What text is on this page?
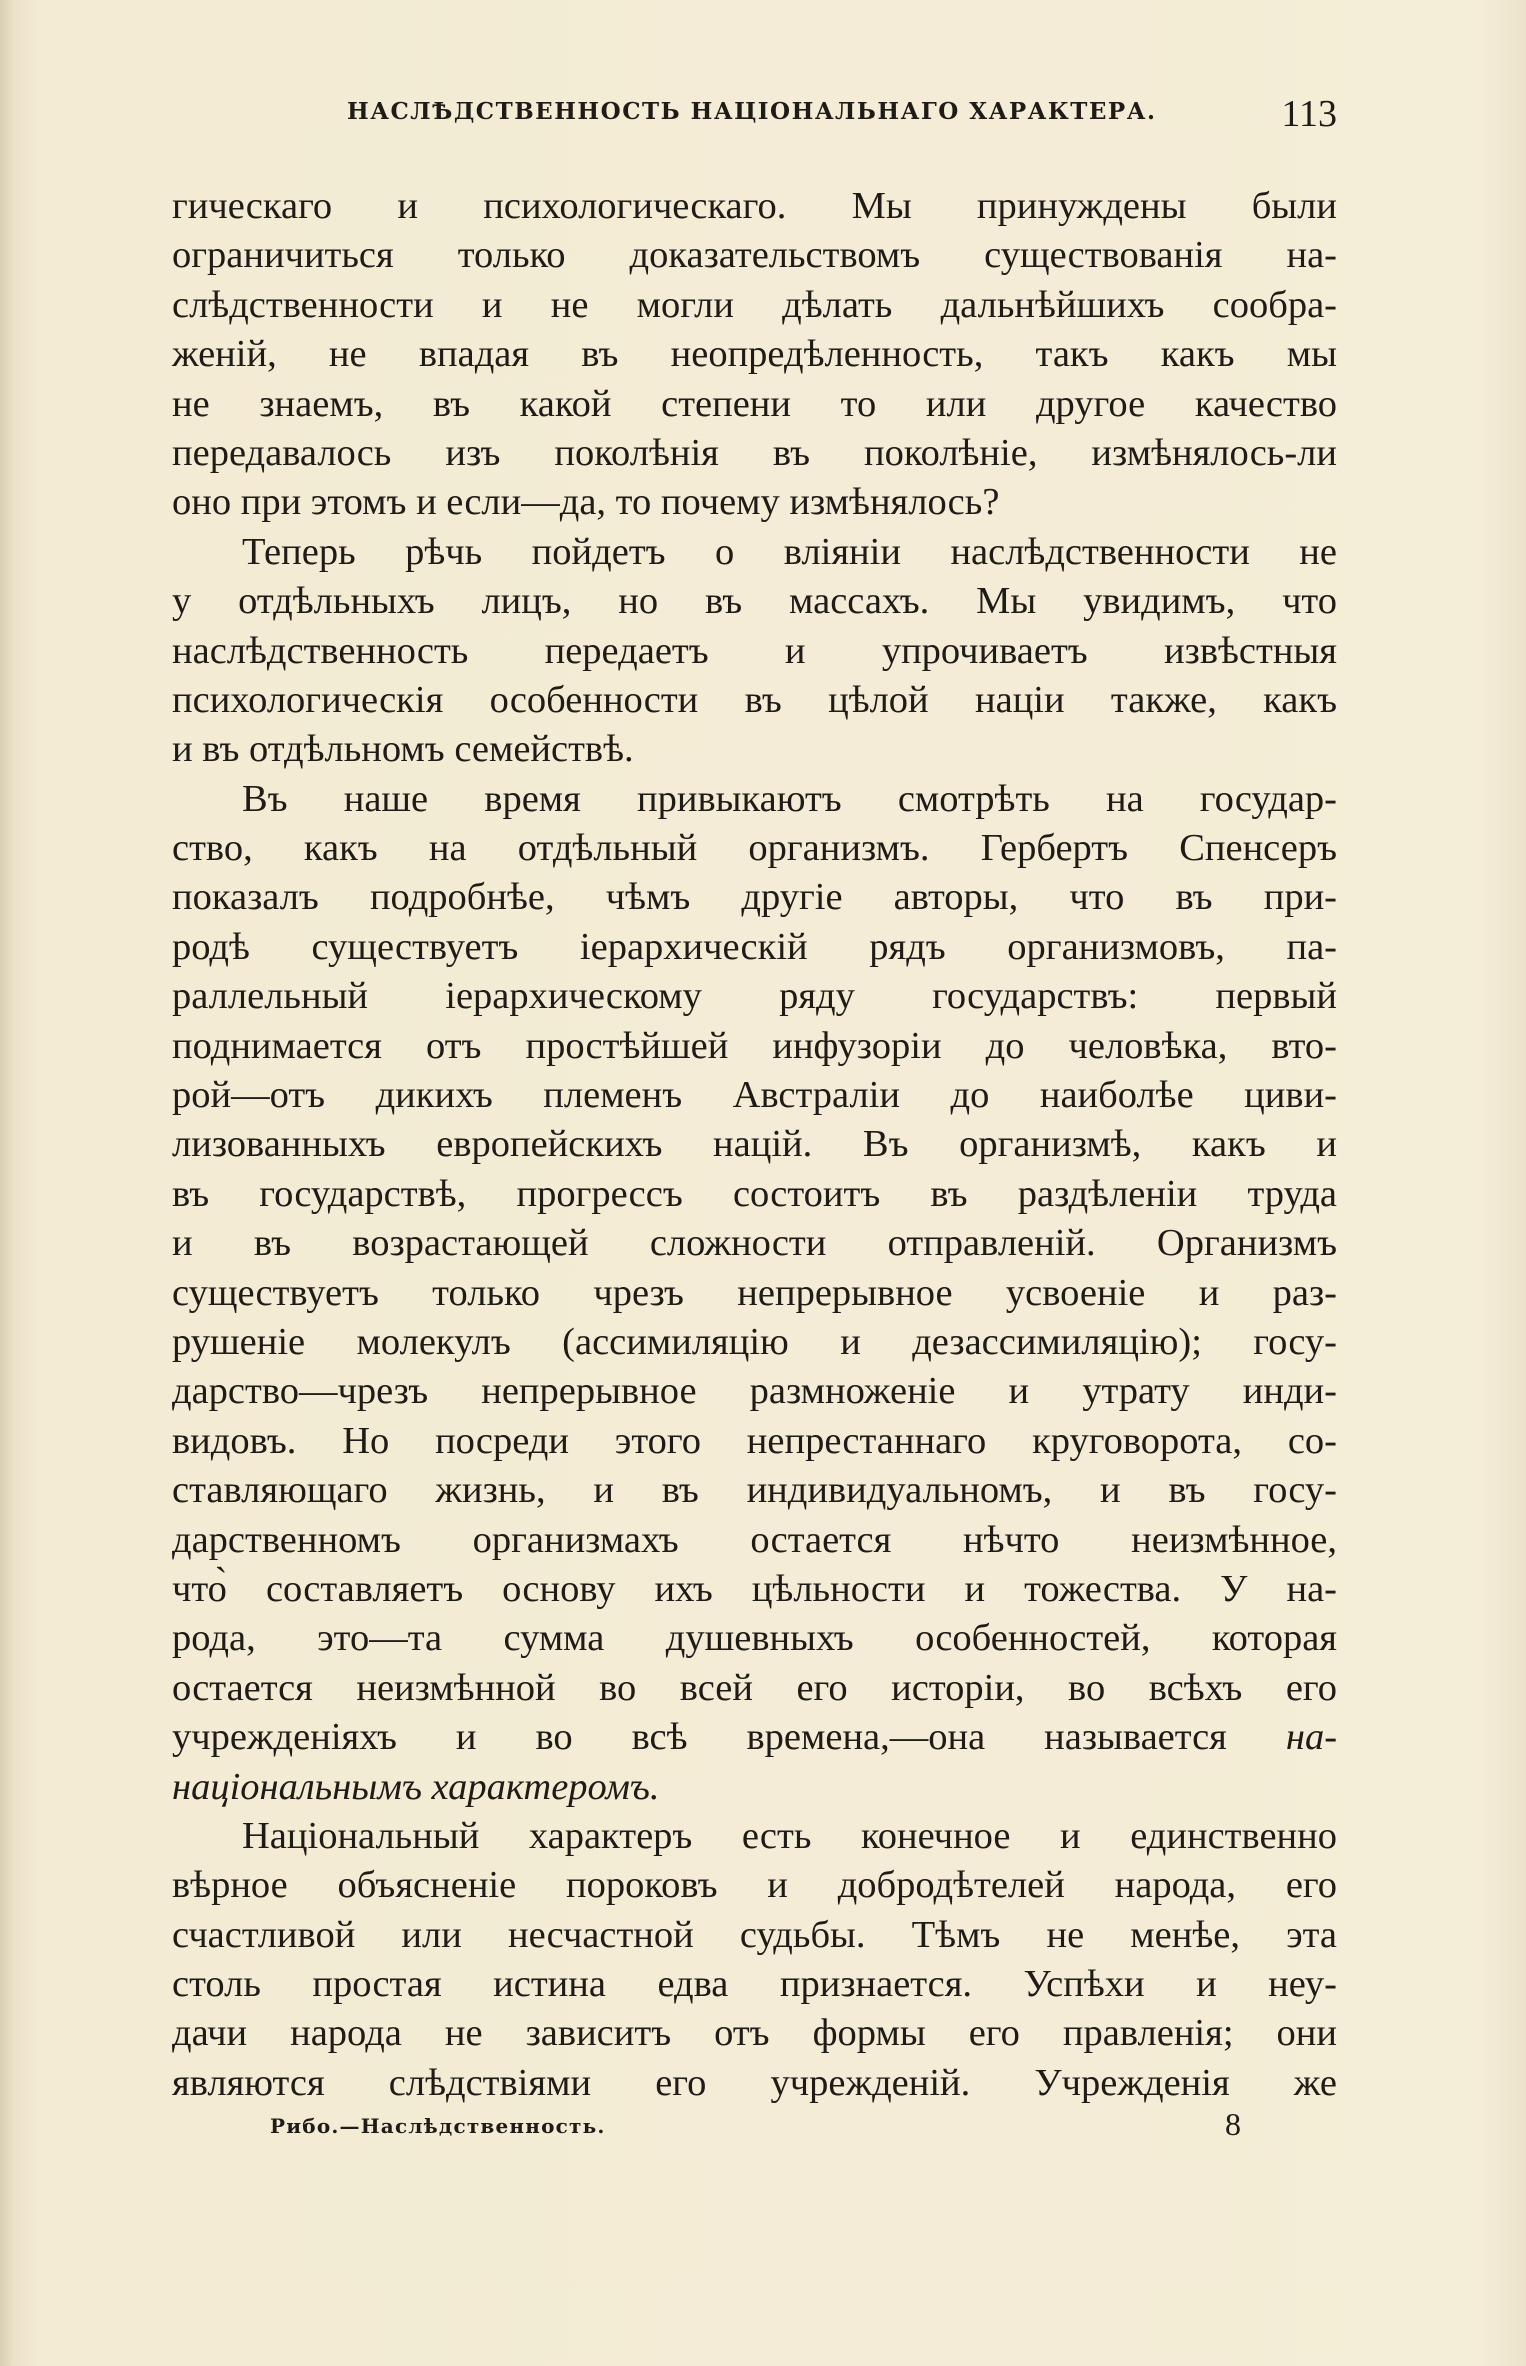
НАСЛѢДСТВЕННОСТЬ НАЦІОНАЛЬНАГО ХАРАКТЕРА.	113
гическаго и психологическаго. Мы принуждены были
ограничиться только доказательствомъ существованія на-
слѣдственности и не могли дѣлать дальнѣйшихъ сообра-
женій, не впадая въ неопредѣленность, такъ какъ мы
не знаемъ, въ какой степени то или другое качество
передавалось изъ поколѣнія въ поколѣніе, измѣнялось-ли
оно при этомъ и если—да, то почему измѣнялось?
Теперь рѣчь пойдетъ о вліяніи наслѣдственности не
у отдѣльныхъ лицъ, но въ массахъ. Мы увидимъ, что
наслѣдственность передаетъ и упрочиваетъ извѣстныя
психологическія особенности въ цѣлой націи также, какъ
и въ отдѣльномъ семействѣ.
Въ наше время привыкаютъ смотрѣть на государ-
ство, какъ на отдѣльный организмъ. Гербертъ Спенсеръ
показалъ подробнѣе, чѣмъ другіе авторы, что въ при-
родѣ существуетъ іерархическій рядъ организмовъ, па-
раллельный іерархическому ряду государствъ: первый
поднимается отъ простѣйшей инфузоріи до человѣка, вто-
рой—отъ дикихъ племенъ Австраліи до наиболѣе циви-
лизованныхъ европейскихъ націй. Въ организмѣ, какъ и
въ государствѣ, прогрессъ состоитъ въ раздѣленіи труда
и въ возрастающей сложности отправленій. Организмъ
существуетъ только чрезъ непрерывное усвоеніе и раз-
рушеніе молекулъ (ассимиляцію и дезассимиляцію); госу-
дарство—чрезъ непрерывное размноженіе и утрату инди-
видовъ. Но посреди этого непрестаннаго круговорота, со-
ставляющаго жизнь, и въ индивидуальномъ, и въ госу-
дарственномъ организмахъ остается нѣчто неизмѣнное,
что̀ составляетъ основу ихъ цѣльности и тожества. У на-
рода, это—та сумма душевныхъ особенностей, которая
остается неизмѣнной во всей его исторіи, во всѣхъ его
учрежденіяхъ и во всѣ времена,—она называется на-
національнымъ характеромъ.
Національный характеръ есть конечное и единственно
вѣрное объясненіе пороковъ и добродѣтелей народа, его
счастливой или несчастной судьбы. Тѣмъ не менѣе, эта
столь простая истина едва признается. Успѣхи и неу-
дачи народа не зависитъ отъ формы его правленія; они
являются слѣдствіями его учрежденій. Учрежденія же
Рибо.—Наслѣдственность.	8
